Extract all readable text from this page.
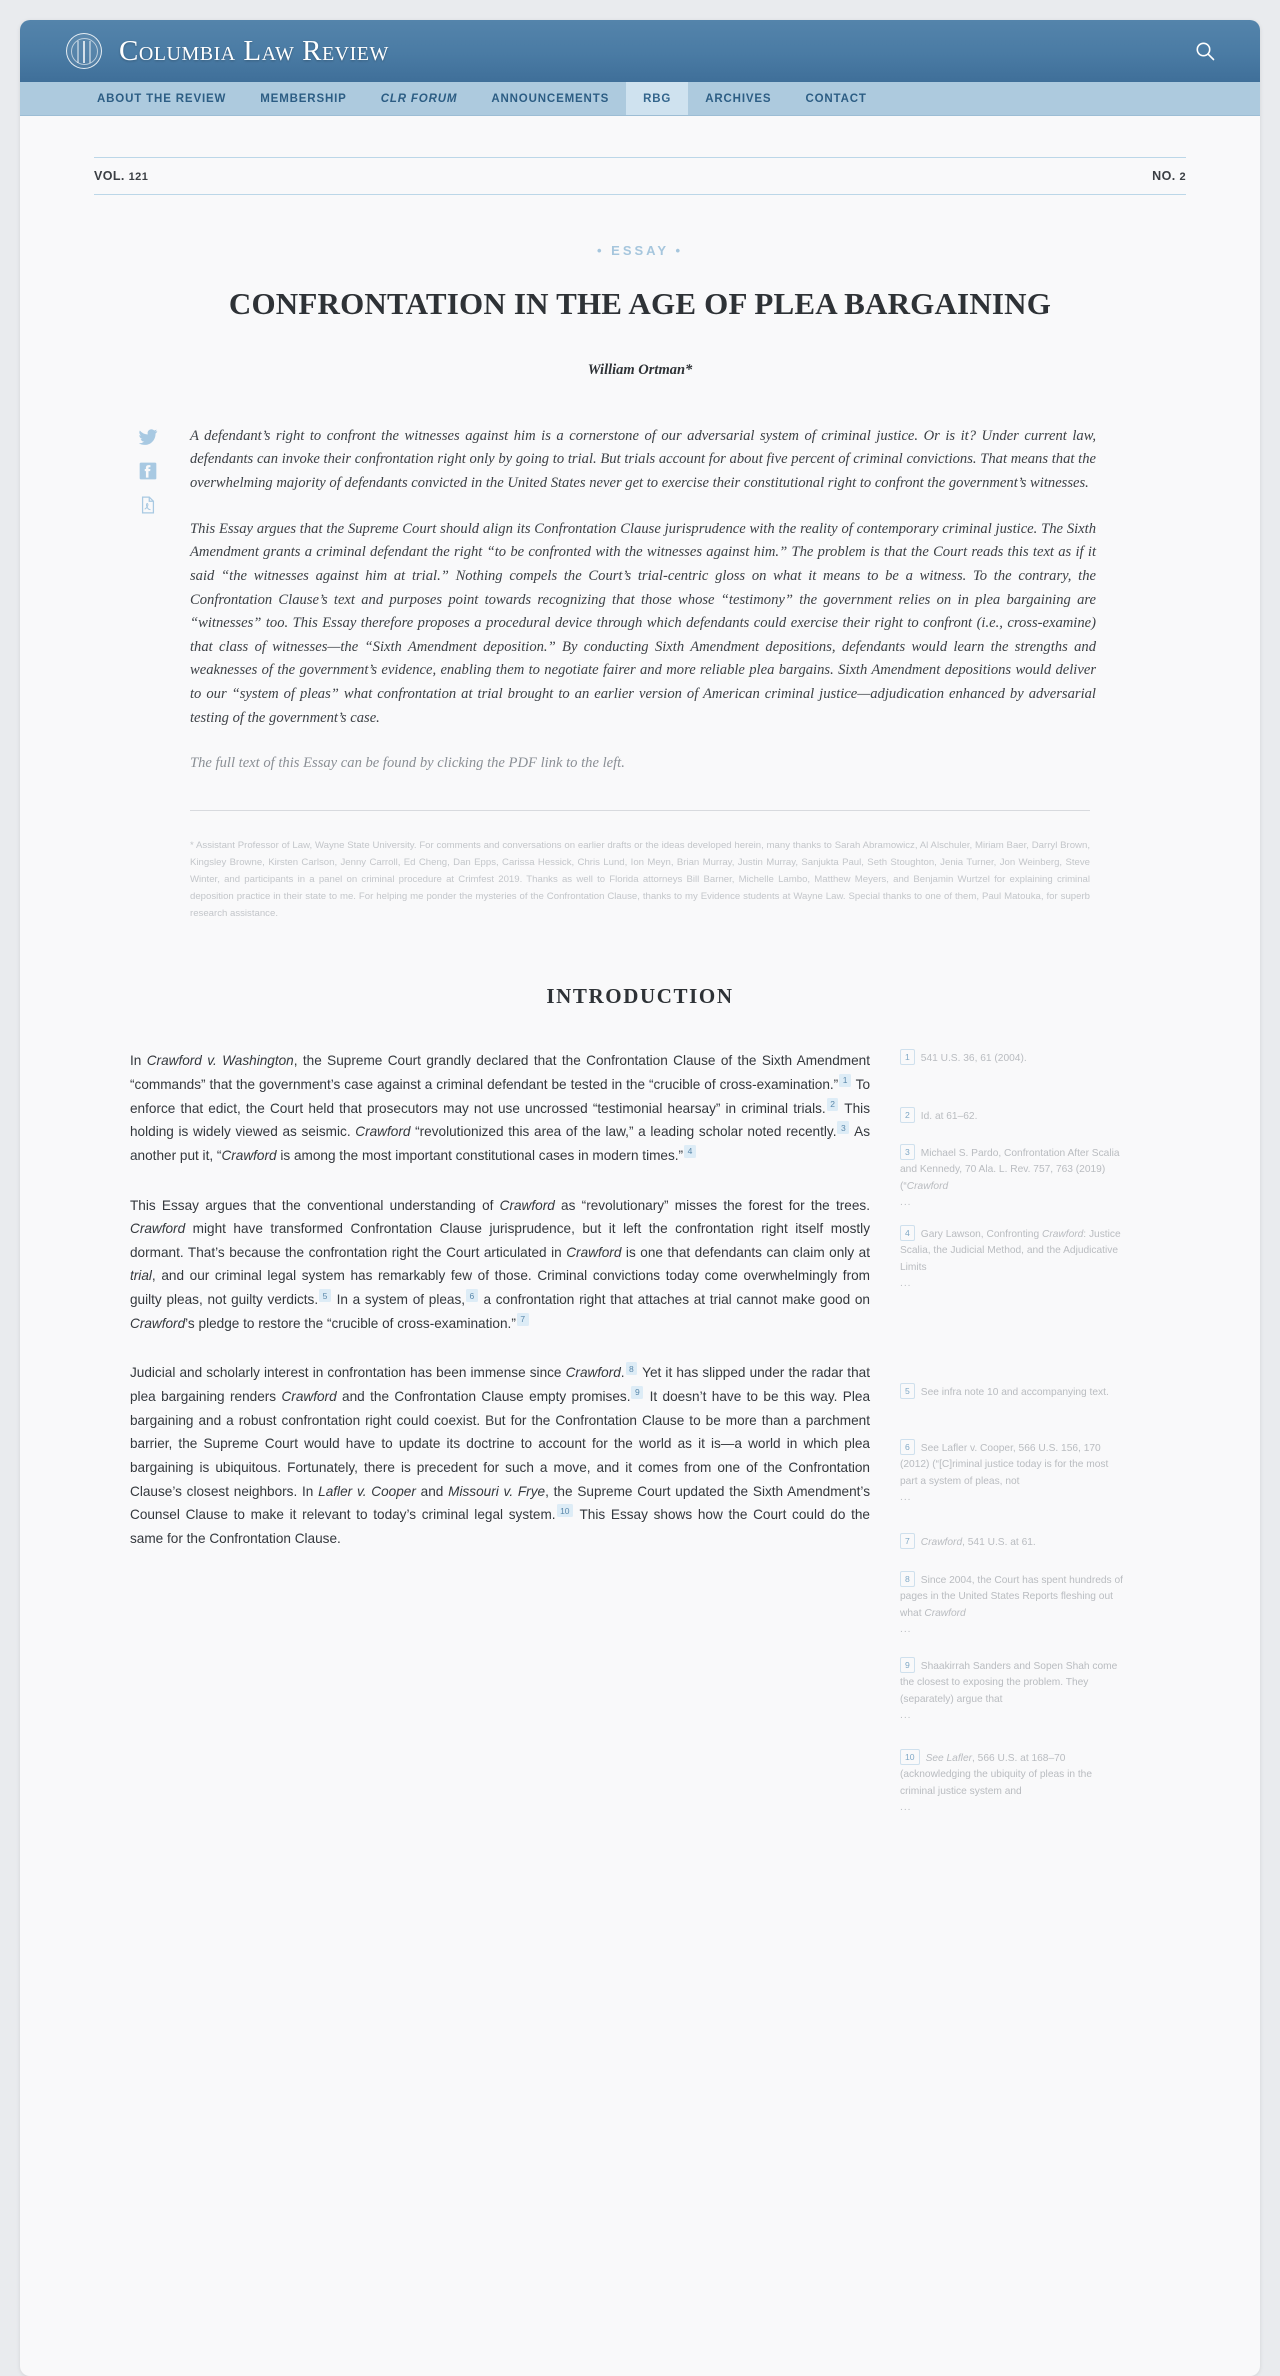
Columbia Law Review
ABOUT THE REVIEW	MEMBERSHIP	CLR FORUM	ANNOUNCEMENTS	RBG	ARCHIVES	CONTACT
VOL. 121	NO. 2
• ESSAY •
CONFRONTATION IN THE AGE OF PLEA BARGAINING
William Ortman*

A defendant’s right to confront the witnesses against him is a cornerstone of our adversarial system of criminal justice. Or is it? Under current law, defendants can invoke their confrontation right only by going to trial. But trials account for about five percent of criminal convictions. That means that the overwhelming majority of defendants convicted in the United States never get to exercise their constitutional right to confront the government’s witnesses.

This Essay argues that the Supreme Court should align its Confrontation Clause jurisprudence with the reality of contemporary criminal justice. The Sixth Amendment grants a criminal defendant the right “to be confronted with the witnesses against him.” The problem is that the Court reads this text as if it said “the witnesses against him at trial.” Nothing compels the Court’s trial-centric gloss on what it means to be a witness. To the contrary, the Confrontation Clause’s text and purposes point towards recognizing that those whose “testimony” the government relies on in plea bargaining are “witnesses” too. This Essay therefore proposes a procedural device through which defendants could exercise their right to confront (i.e., cross-examine) that class of witnesses—the “Sixth Amendment deposition.” By conducting Sixth Amendment depositions, defendants would learn the strengths and weaknesses of the government’s evidence, enabling them to negotiate fairer and more reliable plea bargains. Sixth Amendment depositions would deliver to our “system of pleas” what confrontation at trial brought to an earlier version of American criminal justice—adjudication enhanced by adversarial testing of the government’s case.

The full text of this Essay can be found by clicking the PDF link to the left.

* Assistant Professor of Law, Wayne State University. For comments and conversations on earlier drafts or the ideas developed herein, many thanks to Sarah Abramowicz, Al Alschuler, Miriam Baer, Darryl Brown, Kingsley Browne, Kirsten Carlson, Jenny Carroll, Ed Cheng, Dan Epps, Carissa Hessick, Chris Lund, Ion Meyn, Brian Murray, Justin Murray, Sanjukta Paul, Seth Stoughton, Jenia Turner, Jon Weinberg, Steve Winter, and participants in a panel on criminal procedure at Crimfest 2019. Thanks as well to Florida attorneys Bill Barner, Michelle Lambo, Matthew Meyers, and Benjamin Wurtzel for explaining criminal deposition practice in their state to me. For helping me ponder the mysteries of the Confrontation Clause, thanks to my Evidence students at Wayne Law. Special thanks to one of them, Paul Matouka, for superb research assistance.
INTRODUCTION

In Crawford v. Washington, the Supreme Court grandly declared that the Confrontation Clause of the Sixth Amendment “commands” that the government’s case against a criminal defendant be tested in the “crucible of cross-examination.” $^1$ To enforce that edict, the Court held that prosecutors may not use uncrossed “testimonial hearsay” in criminal trials. $^2$ This holding is widely viewed as seismic. Crawford “revolutionized this area of the law,” a leading scholar noted recently. $^3$ As another put it, “Crawford is among the most important constitutional cases in modern times.” $^4$

This Essay argues that the conventional understanding of Crawford as “revolutionary” misses the forest for the trees. Crawford might have transformed Confrontation Clause jurisprudence, but it left the confrontation right itself mostly dormant. That’s because the confrontation right the Court articulated in Crawford is one that defendants can claim only at trial, and our criminal legal system has remarkably few of those. Criminal convictions today come overwhelmingly from guilty pleas, not guilty verdicts. $^5$ In a system of pleas, $^6$ a confrontation right that attaches at trial cannot make good on Crawford’s pledge to restore the “crucible of cross-examination.” $^7$

Judicial and scholarly interest in confrontation has been immense since Crawford. $^8$ Yet it has slipped under the radar that plea bargaining renders Crawford and the Confrontation Clause empty promises. $^9$ It doesn’t have to be this way. Plea bargaining and a robust confrontation right could coexist. But for the Confrontation Clause to be more than a parchment barrier, the Supreme Court would have to update its doctrine to account for the world as it is—a world in which plea bargaining is ubiquitous. Fortunately, there is precedent for such a move, and it comes from one of the Confrontation Clause’s closest neighbors. In Lafler v. Cooper and Missouri v. Frye, the Supreme Court updated the Sixth Amendment’s Counsel Clause to make it relevant to today’s criminal legal system. $^{10}$ This Essay shows how the Court could do the same for the Confrontation Clause.

1 541 U.S. 36, 61 (2004).
2 Id. at 61–62.
3 Michael S. Pardo, Confrontation After Scalia and Kennedy, 70 Ala. L. Rev. 757, 763 (2019) (“Crawford
...
4 Gary Lawson, Confronting Crawford: Justice Scalia, the Judicial Method, and the Adjudicative Limits
...
5 See infra note 10 and accompanying text.
6 See Lafler v. Cooper, 566 U.S. 156, 170 (2012) (“[C]riminal justice today is for the most part a system of pleas, not
...
7 Crawford, 541 U.S. at 61.
8 Since 2004, the Court has spent hundreds of pages in the United States Reports fleshing out what Crawford
...
9 Shaakirrah Sanders and Sopen Shah come the closest to exposing the problem. They (separately) argue that
...
10 See Lafler, 566 U.S. at 168–70 (acknowledging the ubiquity of pleas in the criminal justice system and
...
